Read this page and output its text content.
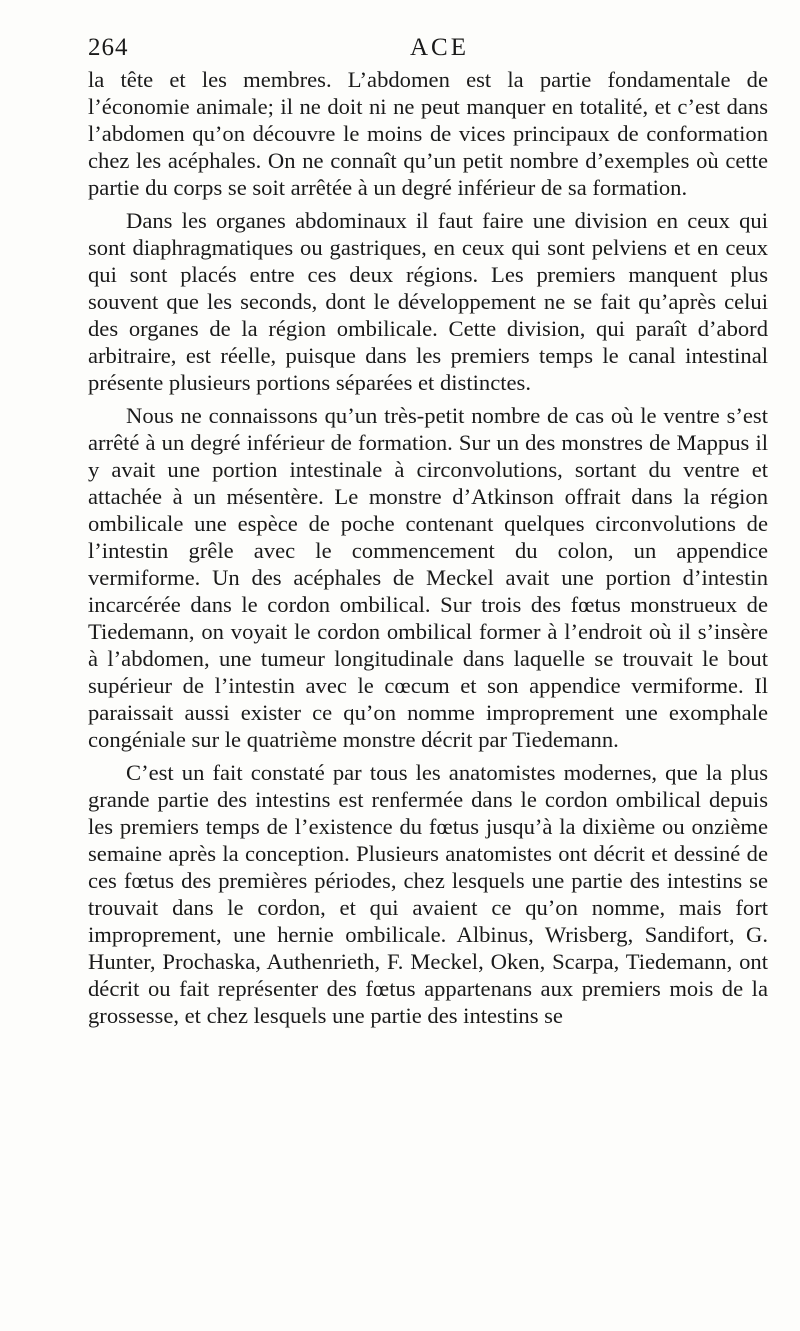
264	ACE

la tête et les membres. L’abdomen est la partie fondamentale de l’économie animale; il ne doit ni ne peut manquer en totalité, et c’est dans l’abdomen qu’on découvre le moins de vices principaux de conformation chez les acéphales. On ne connaît qu’un petit nombre d’exemples où cette partie du corps se soit arrêtée à un degré inférieur de sa formation.

Dans les organes abdominaux il faut faire une division en ceux qui sont diaphragmatiques ou gastriques, en ceux qui sont pelviens et en ceux qui sont placés entre ces deux régions. Les premiers manquent plus souvent que les seconds, dont le développement ne se fait qu’après celui des organes de la région ombilicale. Cette division, qui paraît d’abord arbitraire, est réelle, puisque dans les premiers temps le canal intestinal présente plusieurs portions séparées et distinctes.

Nous ne connaissons qu’un très-petit nombre de cas où le ventre s’est arrêté à un degré inférieur de formation. Sur un des monstres de Mappus il y avait une portion intestinale à circonvolutions, sortant du ventre et attachée à un mésentère. Le monstre d’Atkinson offrait dans la région ombilicale une espèce de poche contenant quelques circonvolutions de l’intestin grêle avec le commencement du colon, un appendice vermiforme. Un des acéphales de Meckel avait une portion d’intestin incarcérée dans le cordon ombilical. Sur trois des fœtus monstrueux de Tiedemann, on voyait le cordon ombilical former à l’endroit où il s’insère à l’abdomen, une tumeur longitudinale dans laquelle se trouvait le bout supérieur de l’intestin avec le cœcum et son appendice vermiforme. Il paraissait aussi exister ce qu’on nomme improprement une exomphale congéniale sur le quatrième monstre décrit par Tiedemann.

C’est un fait constaté par tous les anatomistes modernes, que la plus grande partie des intestins est renfermée dans le cordon ombilical depuis les premiers temps de l’existence du fœtus jusqu’à la dixième ou onzième semaine après la conception. Plusieurs anatomistes ont décrit et dessiné de ces fœtus des premières périodes, chez lesquels une partie des intestins se trouvait dans le cordon, et qui avaient ce qu’on nomme, mais fort improprement, une hernie ombilicale. Albinus, Wrisberg, Sandifort, G. Hunter, Prochaska, Authenrieth, F. Meckel, Oken, Scarpa, Tiedemann, ont décrit ou fait représenter des fœtus appartenans aux premiers mois de la grossesse, et chez lesquels une partie des intestins se
